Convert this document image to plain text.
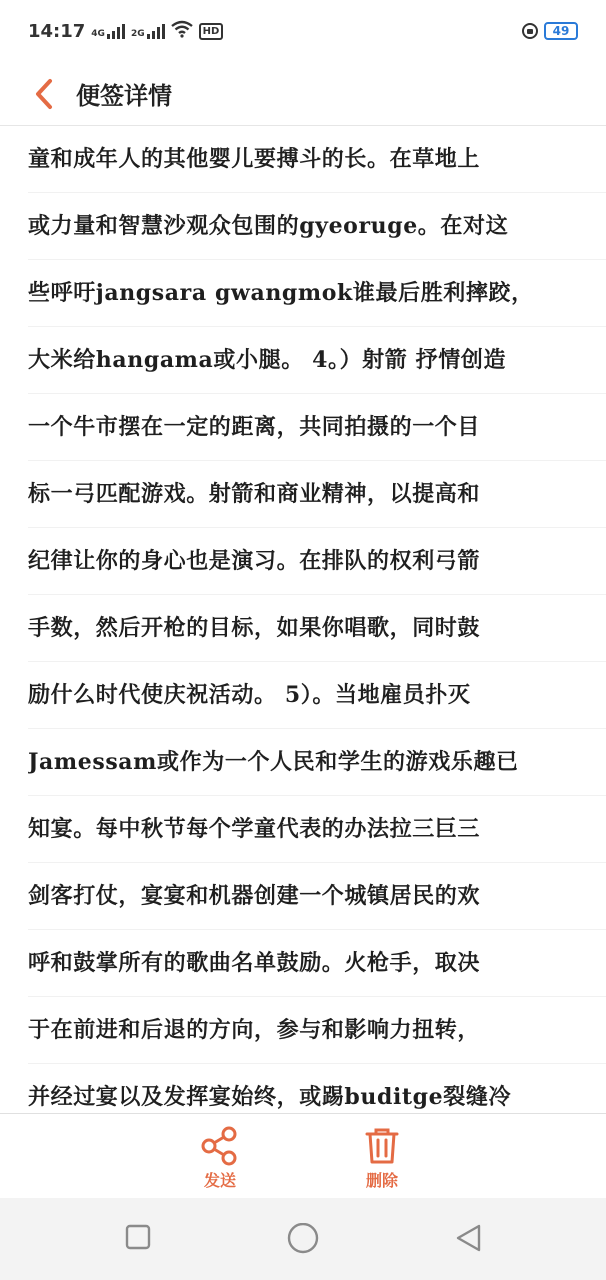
14:17 4G	2G	HD	49
便签详情
童和成年人的其他婴儿要搏斗的长。在草地上
或力量和智慧沙观众包围的gyeoruge。在对这
些呼吁jangsara gwangmok谁最后胜利摔跤，
大米给hangama或小腿。 4。）射箭 抒情创造
一个牛市摆在一定的距离，共同拍摄的一个目
标一弓匹配游戏。射箭和商业精神，以提高和
纪律让你的身心也是演习。在排队的权利弓箭
手数，然后开枪的目标，如果你唱歌，同时鼓
励什么时代使庆祝活动。 5）。当地雇员扑灭
Jamessam或作为一个人民和学生的游戏乐趣已
知宴。每中秋节每个学童代表的办法拉三巨三
剑客打仗，宴宴和机器创建一个城镇居民的欢
呼和鼓掌所有的歌曲名单鼓励。火枪手，取决
于在前进和后退的方向，参与和影响力扭转，
并经过宴以及发挥宴始终，或踢buditge裂缝冷
发送	删除
